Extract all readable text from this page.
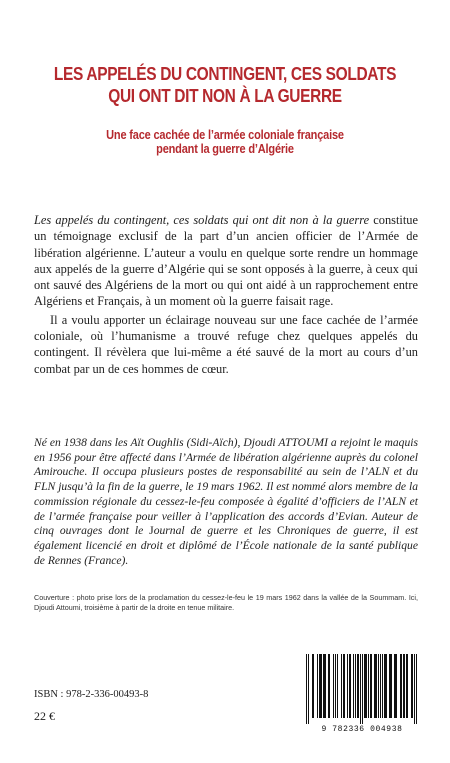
LES APPELÉS DU CONTINGENT, CES SOLDATS
QUI ONT DIT NON À LA GUERRE
Une face cachée de l’armée coloniale française
pendant la guerre d’Algérie

Les appelés du contingent, ces soldats qui ont dit non à la guerre constitue un témoignage exclusif de la part d’un ancien officier de l’Armée de libération algérienne. L’auteur a voulu en quelque sorte rendre un hommage aux appelés de la guerre d’Algérie qui se sont opposés à la guerre, à ceux qui ont sauvé des Algériens de la mort ou qui ont aidé à un rapprochement entre Algériens et Français, à un moment où la guerre faisait rage.

Il a voulu apporter un éclairage nouveau sur une face cachée de l’armée coloniale, où l’humanisme a trouvé refuge chez quelques appelés du contingent. Il révèlera que lui-même a été sauvé de la mort au cours d’un combat par un de ces hommes de cœur.

Né en 1938 dans les Aït Oughlis (Sidi-Aïch), Djoudi ATTOUMI a rejoint le maquis en 1956 pour être affecté dans l’Armée de libération algérienne auprès du colonel Amirouche. Il occupa plusieurs postes de responsabilité au sein de l’ALN et du FLN jusqu’à la fin de la guerre, le 19 mars 1962. Il est nommé alors membre de la commission régionale du cessez-le-feu composée à égalité d’officiers de l’ALN et de l’armée française pour veiller à l’application des accords d’Evian. Auteur de cinq ouvrages dont le Journal de guerre et les Chroniques de guerre, il est également licencié en droit et diplômé de l’École nationale de la santé publique de Rennes (France).
Couverture : photo prise lors de la proclamation du cessez-le-feu le 19 mars 1962 dans la vallée de la Soummam. Ici, Djoudi Attoumi, troisième à partir de la droite en tenue militaire.
ISBN : 978-2-336-00493-8
22 €
9 782336 004938
